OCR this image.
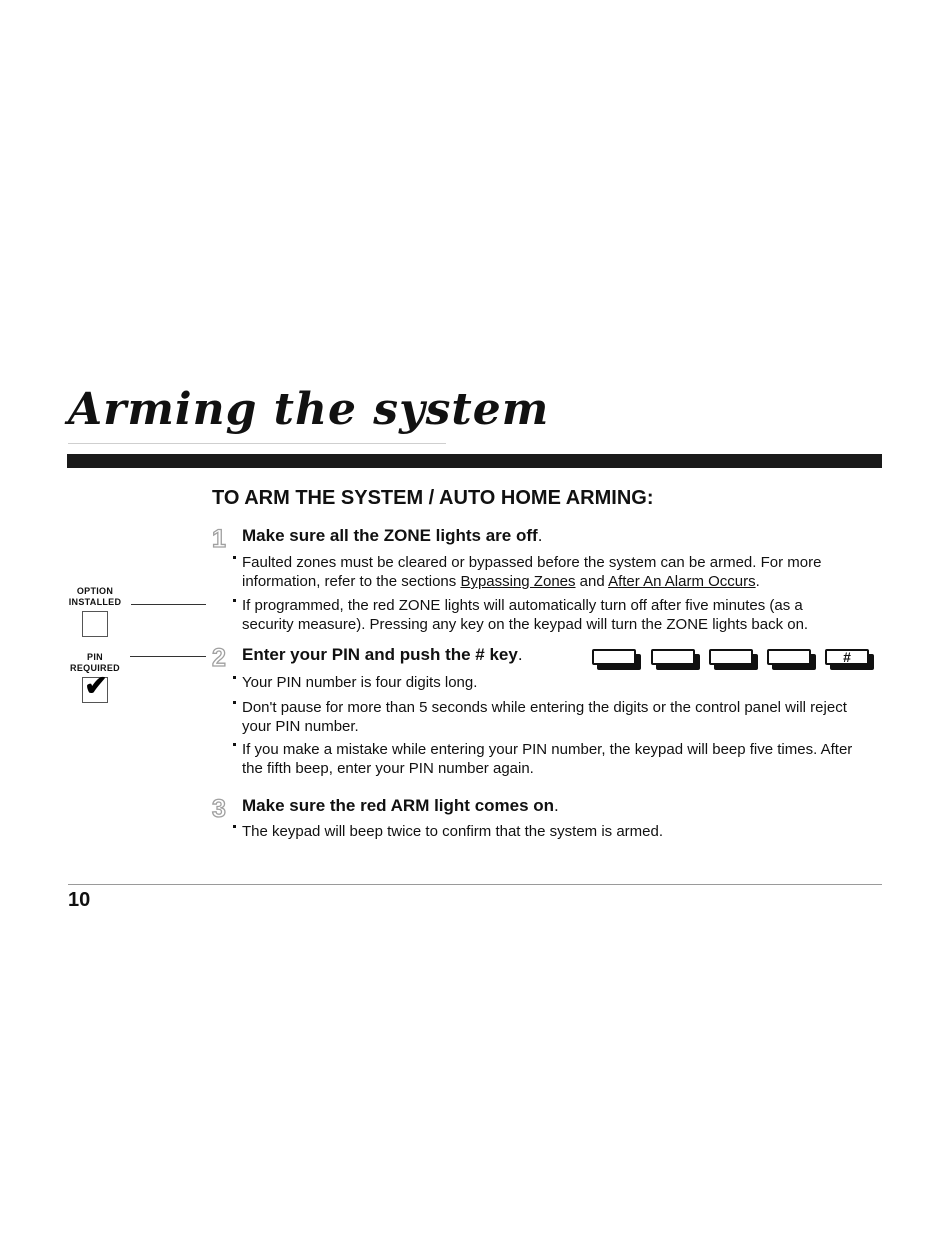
Arming the system
TO ARM THE SYSTEM / AUTO HOME ARMING:
OPTION
INSTALLED
PIN
REQUIRED
✔
1 Make sure all the ZONE lights are off.
Faulted zones must be cleared or bypassed before the system can be armed. For more
information, refer to the sections Bypassing Zones and After An Alarm Occurs.
If programmed, the red ZONE lights will automatically turn off after five minutes (as a
security measure). Pressing any key on the keypad will turn the ZONE lights back on.
2 Enter your PIN and push the # key.	#
Your PIN number is four digits long.
Don't pause for more than 5 seconds while entering the digits or the control panel will reject your PIN number.
If you make a mistake while entering your PIN number, the keypad will beep five times. After the fifth beep, enter your PIN number again.
3 Make sure the red ARM light comes on.
The keypad will beep twice to confirm that the system is armed.
10
